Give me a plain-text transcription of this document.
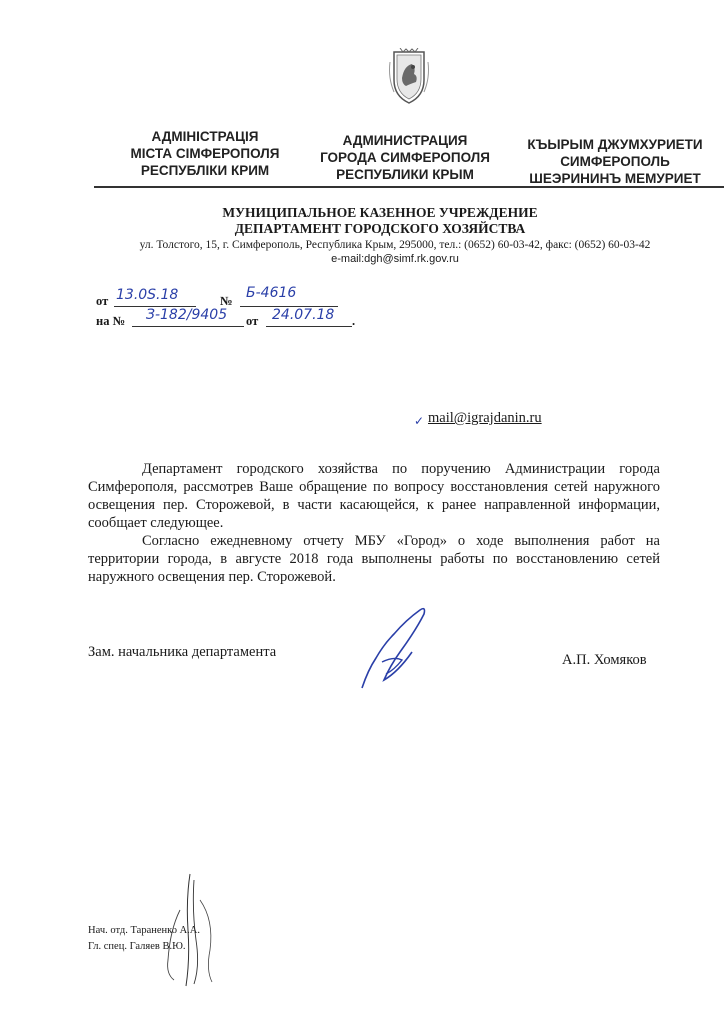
АДМІНІСТРАЦІЯ
МІСТА СІМФЕРОПОЛЯ
РЕСПУБЛІКИ КРИМ
АДМИНИСТРАЦИЯ
ГОРОДА СИМФЕРОПОЛЯ
РЕСПУБЛИКИ КРЫМ
КЪЫРЫМ ДЖУМХУРИЕТИ
СИМФЕРОПОЛЬ
ШЕЭРИНИНЪ МЕМУРИЕТ
МУНИЦИПАЛЬНОЕ КАЗЕННОЕ УЧРЕЖДЕНИЕ
ДЕПАРТАМЕНТ ГОРОДСКОГО ХОЗЯЙСТВА
ул. Толстого, 15, г. Симферополь, Республика Крым, 295000, тел.: (0652) 60-03-42, факс: (0652) 60-03-42
e-mail:dgh@simf.rk.gov.ru
от 13.0S.18	№ Б-4616
на № З-182/9405 от 24.07.18 .
✓ mail@igrajdanin.ru

Департамент городского хозяйства по поручению Администрации города Симферополя, рассмотрев Ваше обращение по вопросу восстановления сетей наружного освещения пер. Сторожевой, в части касающейся, к ранее направленной информации, сообщает следующее.

Согласно ежедневному отчету МБУ «Город» о ходе выполнения работ на территории города, в августе 2018 года выполнены работы по восстановлению сетей наружного освещения пер. Сторожевой.

Зам. начальника департамента	А.П. Хомяков
Нач. отд. Тараненко А.А.
Гл. спец. Галяев В.Ю.
